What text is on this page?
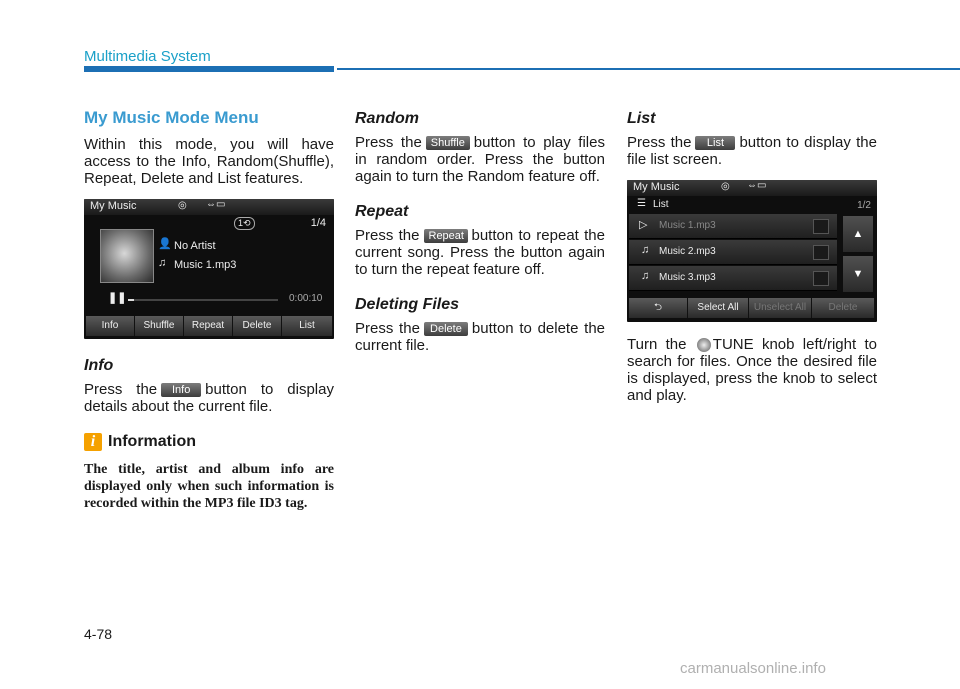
Multimedia System
My Music Mode Menu

Within this mode, you will have access to the Info, Random(Shuffle), Repeat, Delete and List features.

My Music	◎ ⇔▭
1⟲	1/4
👤 No Artist
♫ Music 1.mp3
❚❚	0:00:10
Info	Shuffle	Repeat	Delete	List
Info

Press the Info button to display details about the current file.

i Information

The title, artist and album info are displayed only when such information is recorded within the MP3 file ID3 tag.

Random

Press the Shuffle button to play files in random order. Press the button again to turn the Random feature off.

Repeat

Press the Repeat button to repeat the current song. Press the button again to turn the repeat feature off.

Deleting Files

Press the Delete button to delete the current file.

List

Press the List button to display the file list screen.

My Music	◎ ⇔▭
☰ List	1/2
▷ Music 1.mp3
♫ Music 2.mp3
♫ Music 3.mp3
▲
▼
⮌	Select All	Unselect All	Delete

Turn the TUNE knob left/right to search for files. Once the desired file is displayed, press the knob to select and play.

4-78
carmanualsonline.info
